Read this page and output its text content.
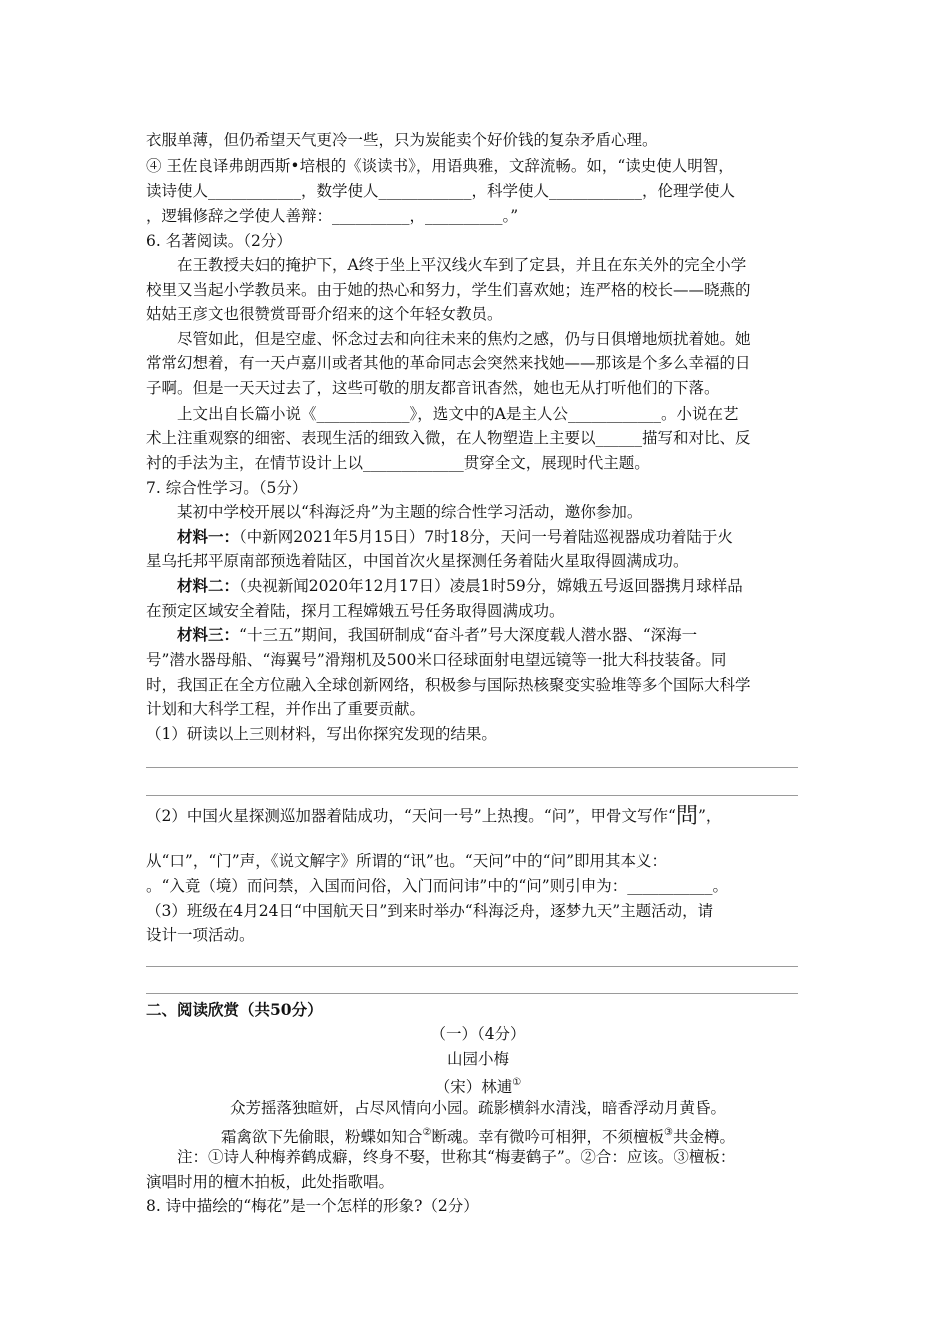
衣服单薄，但仍希望天气更冷一些，只为炭能卖个好价钱的复杂矛盾心理。
④ 王佐良译弗朗西斯•培根的《谈读书》，用语典雅，文辞流畅。如，“读史使人明智，
读诗使人____________，数学使人____________，科学使人____________，伦理学使人
，逻辑修辞之学使人善辩：__________，__________。”
6. 名著阅读。（2分）
在王教授夫妇的掩护下，A终于坐上平汉线火车到了定县，并且在东关外的完全小学
校里又当起小学教员来。由于她的热心和努力，学生们喜欢她；连严格的校长——晓燕的
姑姑王彦文也很赞赏哥哥介绍来的这个年轻女教员。
尽管如此，但是空虚、怀念过去和向往未来的焦灼之感，仍与日俱增地烦扰着她。她
常常幻想着，有一天卢嘉川或者其他的革命同志会突然来找她——那该是个多么幸福的日
子啊。但是一天天过去了，这些可敬的朋友都音讯杳然，她也无从打听他们的下落。
上文出自长篇小说《____________》，选文中的A是主人公____________。小说在艺
术上注重观察的细密、表现生活的细致入微，在人物塑造上主要以______描写和对比、反
衬的手法为主，在情节设计上以_____________贯穿全文，展现时代主题。
7. 综合性学习。（5分）
某初中学校开展以“科海泛舟”为主题的综合性学习活动，邀你参加。
材料一：（中新网2021年5月15日）7时18分，天问一号着陆巡视器成功着陆于火
星乌托邦平原南部预选着陆区，中国首次火星探测任务着陆火星取得圆满成功。
材料二：（央视新闻2020年12月17日）凌晨1时59分，嫦娥五号返回器携月球样品
在预定区域安全着陆，探月工程嫦娥五号任务取得圆满成功。
材料三：“十三五”期间，我国研制成“奋斗者”号大深度载人潜水器、“深海一
号”潜水器母船、“海翼号”滑翔机及500米口径球面射电望远镜等一批大科技装备。同
时，我国正在全方位融入全球创新网络，积极参与国际热核聚变实验堆等多个国际大科学
计划和大科学工程，并作出了重要贡献。
（1）研读以上三则材料，写出你探究发现的结果。
（2）中国火星探测巡加器着陆成功，“天问一号”上热搜。“问”，甲骨文写作“問”，
从“口”，“门”声，《说文解字》所谓的“讯”也。“天问”中的“问”即用其本义：
。“入竟（境）而问禁，入国而问俗，入门而问讳”中的“问”则引申为：___________。
（3）班级在4月24日“中国航天日”到来时举办“科海泛舟，逐梦九天”主题活动，请
设计一项活动。
二、阅读欣赏（共50分）
（一）（4分）
山园小梅
（宋）林逋①
众芳摇落独暄妍，占尽风情向小园。疏影横斜水清浅，暗香浮动月黄昏。
霜禽欲下先偷眼，粉蝶如知合②断魂。幸有微吟可相狎，不须檀板③共金樽。
注：①诗人种梅养鹤成癖，终身不娶，世称其“梅妻鹤子”。②合：应该。③檀板：
演唱时用的檀木拍板，此处指歌唱。
8. 诗中描绘的“梅花”是一个怎样的形象?（2分）
